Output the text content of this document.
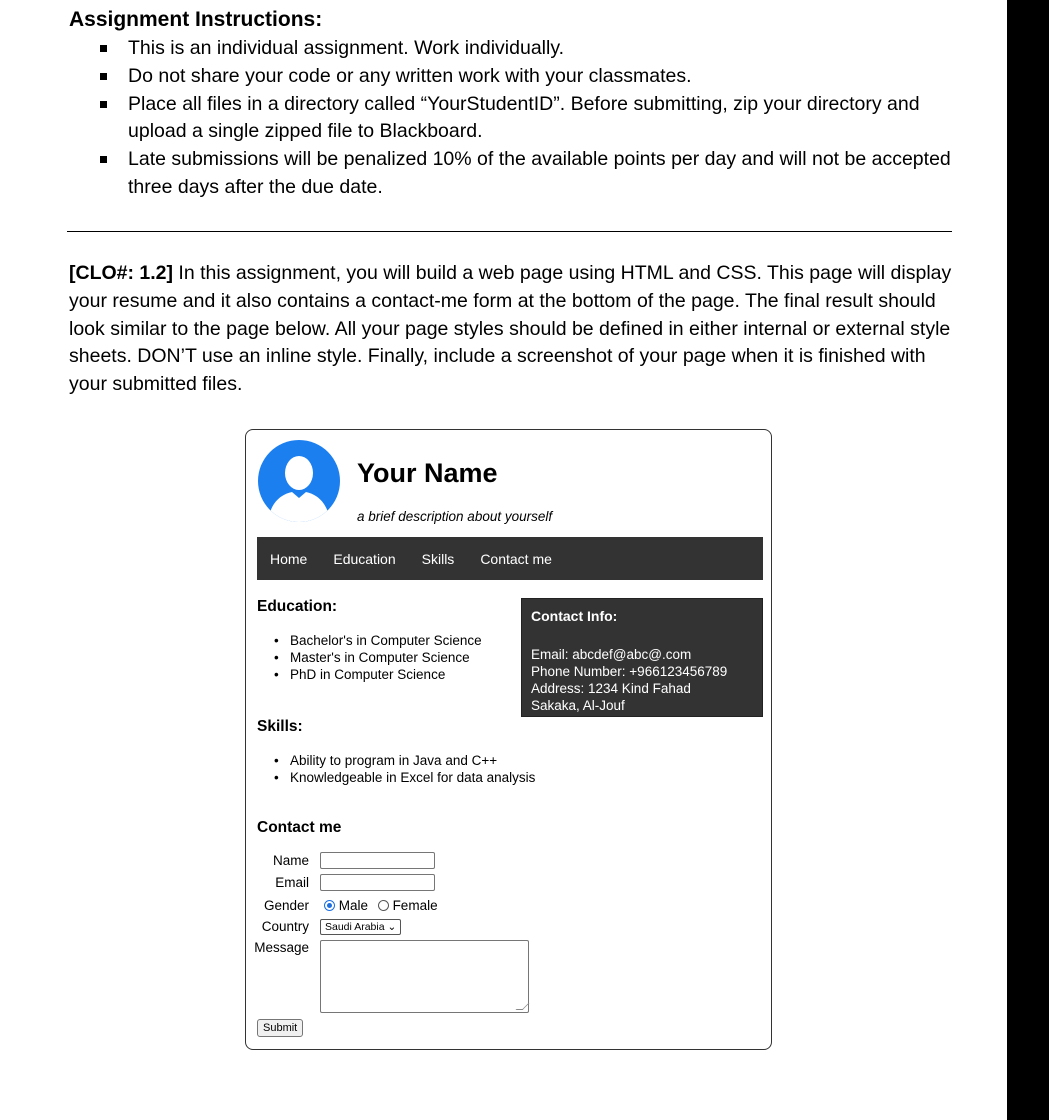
Assignment Instructions:
This is an individual assignment. Work individually.
Do not share your code or any written work with your classmates.
Place all files in a directory called “YourStudentID”. Before submitting, zip your directory and upload a single zipped file to Blackboard.
Late submissions will be penalized 10% of the available points per day and will not be accepted three days after the due date.

[CLO#: 1.2] In this assignment, you will build a web page using HTML and CSS. This page will display your resume and it also contains a contact-me form at the bottom of the page. The final result should look similar to the page below. All your page styles should be defined in either internal or external style sheets. DON’T use an inline style. Finally, include a screenshot of your page when it is finished with your submitted files.

Your Name

a brief description about yourself

Home Education Skills Contact me
Education:
• Bachelor's in Computer Science
• Master's in Computer Science
• PhD in Computer Science
Contact Info:

Email: abcdef@abc@.com

Phone Number: +966123456789

Address: 1234 Kind Fahad

Sakaka, Al-Jouf

Skills:
• Ability to program in Java and C++
• Knowledgeable in Excel for data analysis
Contact me
Name
Email
Gender	Male Female
Country	Saudi Arabia ⌄
Message
Submit
